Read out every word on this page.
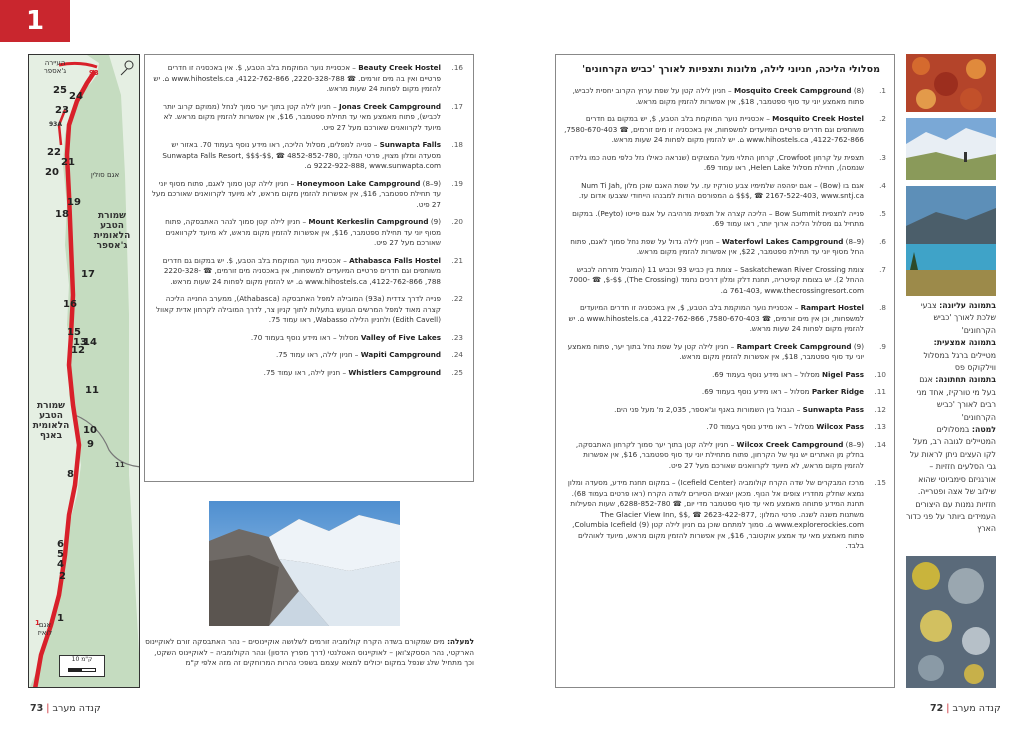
1
העיירה ג'אספר
אגם סולין
אגם לואיז
שמורת הטבע הלאומית ג'אספר
שמורת הטבע הלאומית באנף
25
24
23
22
21
20
19
18
17
16
15
14
13
12
11
10
9
8
6
5
4
2
1
93
93A
11
1
10 ק"מ
16.
Beauty Creek Hostel – אכסניית נוער המוקמת בלב הטבע, $. אין באכסניה זו חדרים פרטיים ואין בה מים זורמים. ☎ 2220-328-788, 4122-762-866, www.hihostels.ca ⌂. יש להזמין מקום לפחות 24 שעות מראש.
17.
Jonas Creek Campground – חניון לילה קטן בתוך יער סמוך לנחל (ממוקם קרוב יותר לכביש), פתוח מאמצע מאי עד תחילת ספטמבר, $16, אין אפשרות להזמין מקום מראש. לא מיועד לקרוואנים שאורכם מעל 27 פיט.
18.
Sunwapta Falls – פנייה למפלים, מסלול הליכה, ראו מידע נוסף בעמוד 70. באזור יש מסעדה ומלון מצוין, פרטי המלון: Sunwapta Falls Resort, $$$-$$, ☎ 4852-852-780, 9222-922-888, www.sunwapta.com ⌂.
19.
Honeymoon Lake Campground (8–9) – חניון לילה קטן סמוך לאגם, פתוח מסוף יוני עד תחילת ספטמבר, $16, אין אפשרות להזמין מקום מראש, לא מיועד לקרוואנים שאורכם מעל 27 פיט.
20.
Mount Kerkeslin Campground (9) – חניון לילה קטן סמוך לנהר האתבסקה, פתוח מסוף יוני עד תחילת ספטמבר, $16, אין אפשרות להזמין מקום מראש, לא מיועד לקרוואנים שאורכם מעל 27 פיט.
21.
Athabasca Falls Hostel – אכסניית נוער המוקמת בלב הטבע, $. יש במקום גם חדרים משותפים וגם חדרים פרטיים המיועדים למשפחות, אין באכסניה מים זורמים, ☎ 2220-328-788, 4122-762-866, www.hihostels.ca ⌂. יש להזמין מקום לפחות 24 שעות מראש.
22.
פנייה לדרך צדדית (93a) המובילה למפל האתבסקה (Athabasca), ממערב החנייה הליכה קצרה מאוד למפל המרשים הגועש בתעלות לתוך קניון צר, לדרך המובילה לקרחון אדית קאוול (Edith Cavell) ולחניון הלילה Wabasso, ראו עמוד 75.
23.
Valley of Five Lakes מסלול – ראו מידע נוסף בעמוד 70.
24.
Wapiti Campground – חניון לילה, ראו עמוד 75.
25.
Whistlers Campground – חניון לילה, ראו עמוד 75.
למעלה: מים שמקורם בשדה הקרח קולומביה זורמים לשלושה אוקיינוסים – נהר האתבסקה זורם לאוקיינוס הארקטי, נהר הססקצ'ואן – לאוקיינוס האטלנטי (דרך מפרץ הדסון) ונהר הקולומביה – לאוקיינוס השקט, וכך מתחיל שלג שנפל במקום יכולים למצוא עצמם בשפכי נהרות המרוחקים זה מזה אלפי ק"מ
מסלולי הליכה, חניוני לילה, מלונות ותצפיות לאורך 'כביש הקרחונים'
1.
Mosquito Creek Campground (8) – חניון לילה קטן על שפת ערוץ הקרוב יחסית לכביש, פתוח מאמצע יוני עד סוף ספטמבר, $18, אין אפשרות להזמין מקום מראש.
2.
Mosquito Creek Hostel – אכסניית נוער המוקמת בלב הטבע, $, יש במקום גם חדרים משותפים וגם חדרים פרטיים המיועדים למשפחות, אין באכסניה זו מים זורמים, ☎ 7580-670-403, 4122-762-866, www.hihostels.ca ⌂. יש להזמין מקום לפחות 24 שעות מראש.
3.
תצפית על קרחון Crowfoot, קרחון התלוי מעל המצוקים (שנראה כאילו נזל כלפי מטה כמו גלידה שנמסה), תחילת מסלול Helen Lake, ראו עמוד 69.
4.
אגם בו (Bow) – אגם יפהפה שלמימיו צבע טורקיז עז. על שפת האגם שוכן מלון Num Ti Jah, $$$, ☎ 2167-522-403, www.sntj.ca ⌂ המפורסם הודות למבנהו הייחודי שצבעו אדום עז.
5.
פנייה לתצפית Bow Summit – הליכה קצרה אל תצפית מרהיבה על אגם פייטו (Peyto). במקום מתחיל גם מסלול הליכה ארוך יותר, ראו עמוד 69.
6.
Waterfowl Lakes Campground (8–9) – חניון לילה גדול על שפת נחל סמוך לאגם, פתוח החל מסוף יוני עד תחילת ספטמבר, $22, אין אפשרות להזמין מקום מראש.
7.
צומת Saskatchewan River Crossing – צומת בין כביש 93 וכביש 11 (המוביל מזרחה לכביש ההחל 2). יש בצומת קפיטריה, תחנת דלק ומלון דרכים נחמד (The Crossing), $$-$, ☎ 7000-761-403, www.thecrossingresort.com ⌂.
8.
Rampart Hostel – אכסניית נוער המוקמת בלב הטבע, $, אין באכסניה זו חדרים המיועדים למשפחות, וכן אין מים זורמים, ☎ 7580-670-403, 4122-762-866, www.hihostels.ca ⌂. יש להזמין מקום לפחות 24 שעות מראש.
9.
Rampart Creek Campground (9) – חניון לילה קטן על שפת נחל בתוך יער, פתוח מאמצע יוני עד סוף ספטמבר, $18, אין אפשרות להזמין מקום מראש.
10.
Nigel Pass מסלול – ראו מידע נוסף בעמוד 69.
11.
Parker Ridge מסלול – ראו מידע נוסף בעמוד 69.
12.
Sunwapta Pass – הגבול בין השמורות באנף וג'אספר, 2,035 מ' מעל פני הים.
13.
Wilcox Pass מסלול – ראו מידע נוסף בעמוד 70.
14.
Wilcox Creek Campground (8–9) – חניון לילה קטן בתוך יער סמוך לקרחון האתבסקה, בחלק מן האתרים יש נוף של הקרחון, פתוח מתחילת יוני עד סוף ספטמבר, $16, אין אפשרות להזמין מקום מראש, לא מיועד לקרוואנים שאורכם מעל 27 פיט.
15.
מרכז המבקרים של שדה הקרח קולומביה (Icefield Center) – במקום תחנת מידע, מסעדה ומלון נמצא שחלק מחדריו צופים אל הנוף. מכאן יוצאים הסיורים לשדה הקרח (ראו פרטים בעמוד 68). תחנת המידע פתוחה מאמצע מאי עד סוף ספטמבר מדי יום, ☎ 6288-852-780, שעות הפעילות משתנות משנה לשנה. פרטי המלון: The Glacier View Inn, $$, ☎ 2623-422-877, www.explorerockies.com ⌂. סמוך למתחם שוכן גם חניון לילה קטן Columbia Icefield (9), פתוח מאמצע מאי עד אמצע אוקטובר, $16, אין אפשרות להזמין מקום מראש, מיועד לאוהלים בלבד.
בתמונה עליונה: צבעי שלכת לאורך 'כביש הקרחונים'
בתמונה אמצעית: מטיילים ברגל במסלול ווילקוקס פס
בתמונה תחתונה: אגם בעל מי טורקיז, אחד מני רבים לאורך 'כביש הקרחונים'
למטה: במסלולים המטיילים לגובה רב, מעל לקו העצים ניתן לראות על גבי הסלעים חזזיות – אורגניזם סימביוטי שהוא שילוב של אצה ופטרייה. חזזיות נמנות עם היצורים העמידים ביותר על פני כדור הארץ
73 | קנדה מערב	קנדה מערב | 72
